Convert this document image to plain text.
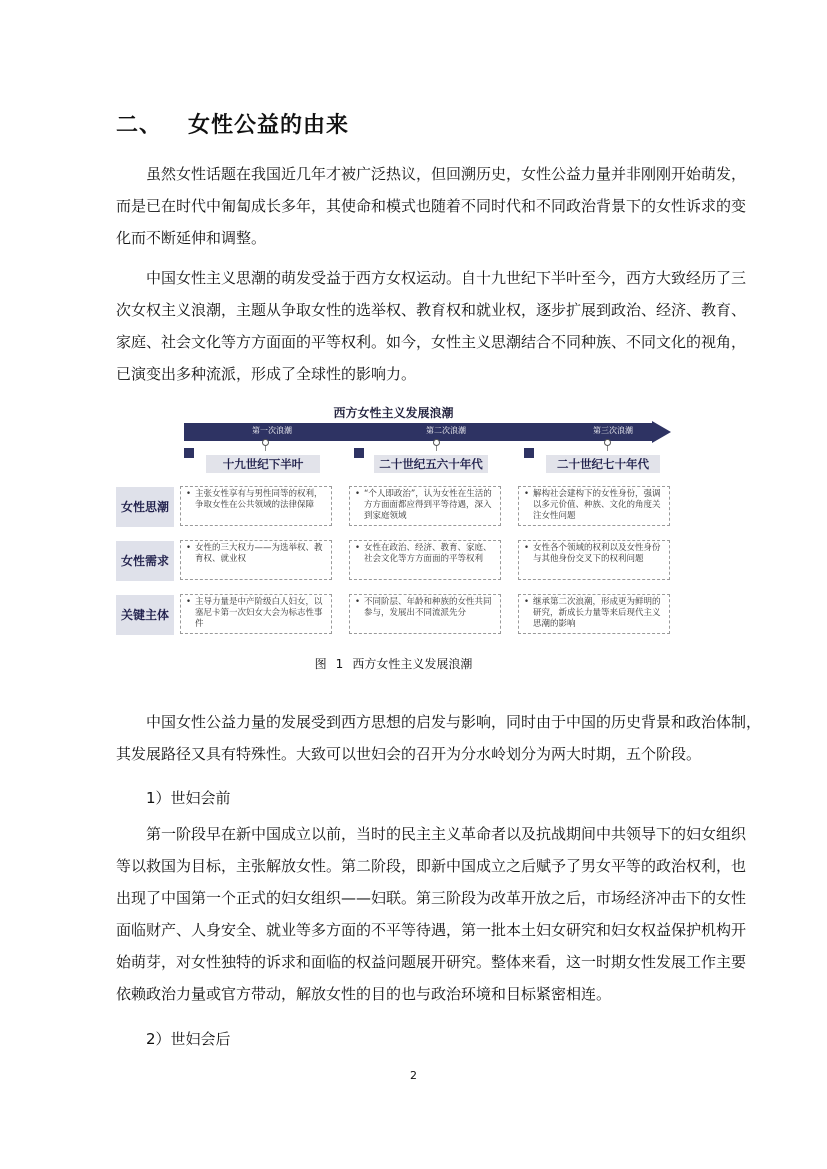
二、 女性公益的由来
虽然女性话题在我国近几年才被广泛热议，但回溯历史，女性公益力量并非刚刚开始萌发，
而是已在时代中匍匐成长多年，其使命和模式也随着不同时代和不同政治背景下的女性诉求的变
化而不断延伸和调整。
中国女性主义思潮的萌发受益于西方女权运动。自十九世纪下半叶至今，西方大致经历了三
次女权主义浪潮，主题从争取女性的选举权、教育权和就业权，逐步扩展到政治、经济、教育、
家庭、社会文化等方方面面的平等权利。如今，女性主义思潮结合不同种族、不同文化的视角，
已演变出多种流派，形成了全球性的影响力。
西方女性主义发展浪潮
第一次浪潮	第二次浪潮	第三次浪潮
十九世纪下半叶	二十世纪五六十年代	二十世纪七十年代
女性思潮
• 主张女性享有与男性同等的权利，争取女性在公共领域的法律保障
• “个人即政治”，认为女性在生活的方方面面都应得到平等待遇，深入到家庭领域
• 解构社会建构下的女性身份，强调以多元价值、种族、文化的角度关注女性问题
女性需求
• 女性的三大权力——为选举权、教育权、就业权
• 女性在政治、经济、教育、家庭、社会文化等方方面面的平等权利
• 女性各个领域的权利以及女性身份与其他身份交叉下的权利问题
关键主体
• 主导力量是中产阶级白人妇女，以塞尼卡第一次妇女大会为标志性事件
• 不同阶层、年龄和种族的女性共同参与，发展出不同流派先分
• 继承第二次浪潮，形成更为鲜明的研究，新成长力量等来后现代主义思潮的影响
图 1 西方女性主义发展浪潮
中国女性公益力量的发展受到西方思想的启发与影响，同时由于中国的历史背景和政治体制，
其发展路径又具有特殊性。大致可以世妇会的召开为分水岭划分为两大时期，五个阶段。
1）世妇会前
第一阶段早在新中国成立以前，当时的民主主义革命者以及抗战期间中共领导下的妇女组织
等以救国为目标，主张解放女性。第二阶段，即新中国成立之后赋予了男女平等的政治权利，也
出现了中国第一个正式的妇女组织——妇联。第三阶段为改革开放之后，市场经济冲击下的女性
面临财产、人身安全、就业等多方面的不平等待遇，第一批本土妇女研究和妇女权益保护机构开
始萌芽，对女性独特的诉求和面临的权益问题展开研究。整体来看，这一时期女性发展工作主要
依赖政治力量或官方带动，解放女性的目的也与政治环境和目标紧密相连。
2）世妇会后
2
